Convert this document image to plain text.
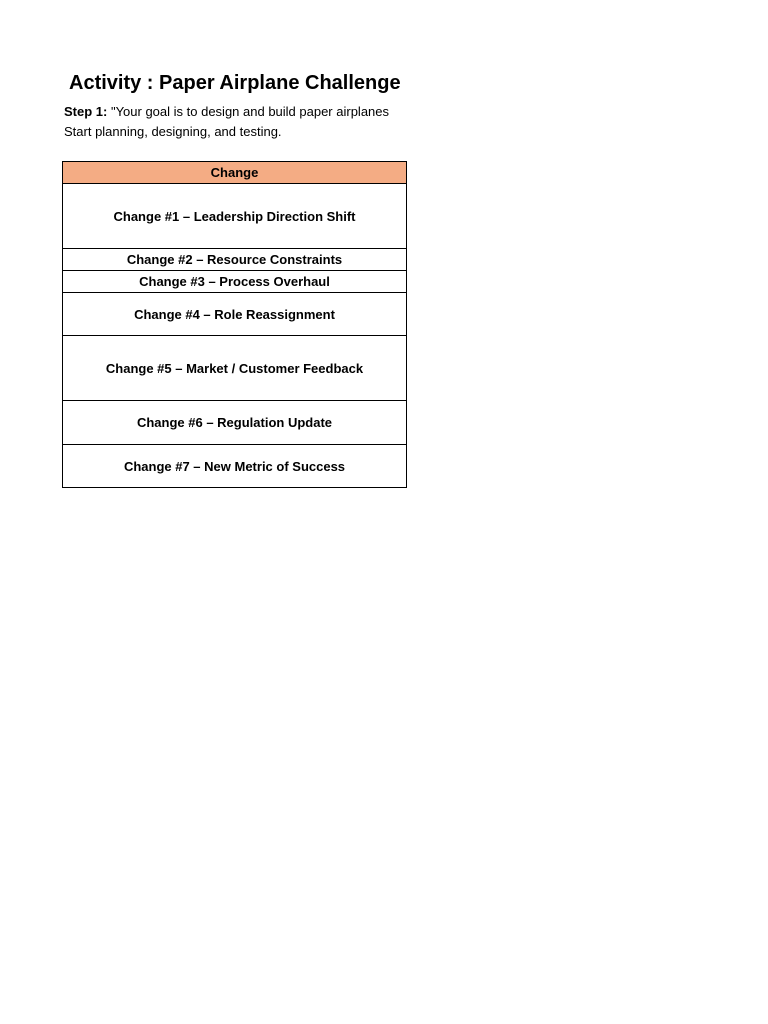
Activity : Paper Airplane Challenge
Step 1: "Your goal is to design and build paper airplanes
Start planning, designing, and testing.
Change
Change #1 – Leadership Direction Shift
Change #2 – Resource Constraints
Change #3 – Process Overhaul
Change #4 – Role Reassignment
Change #5 – Market / Customer Feedback
Change #6 – Regulation Update
Change #7 – New Metric of Success
